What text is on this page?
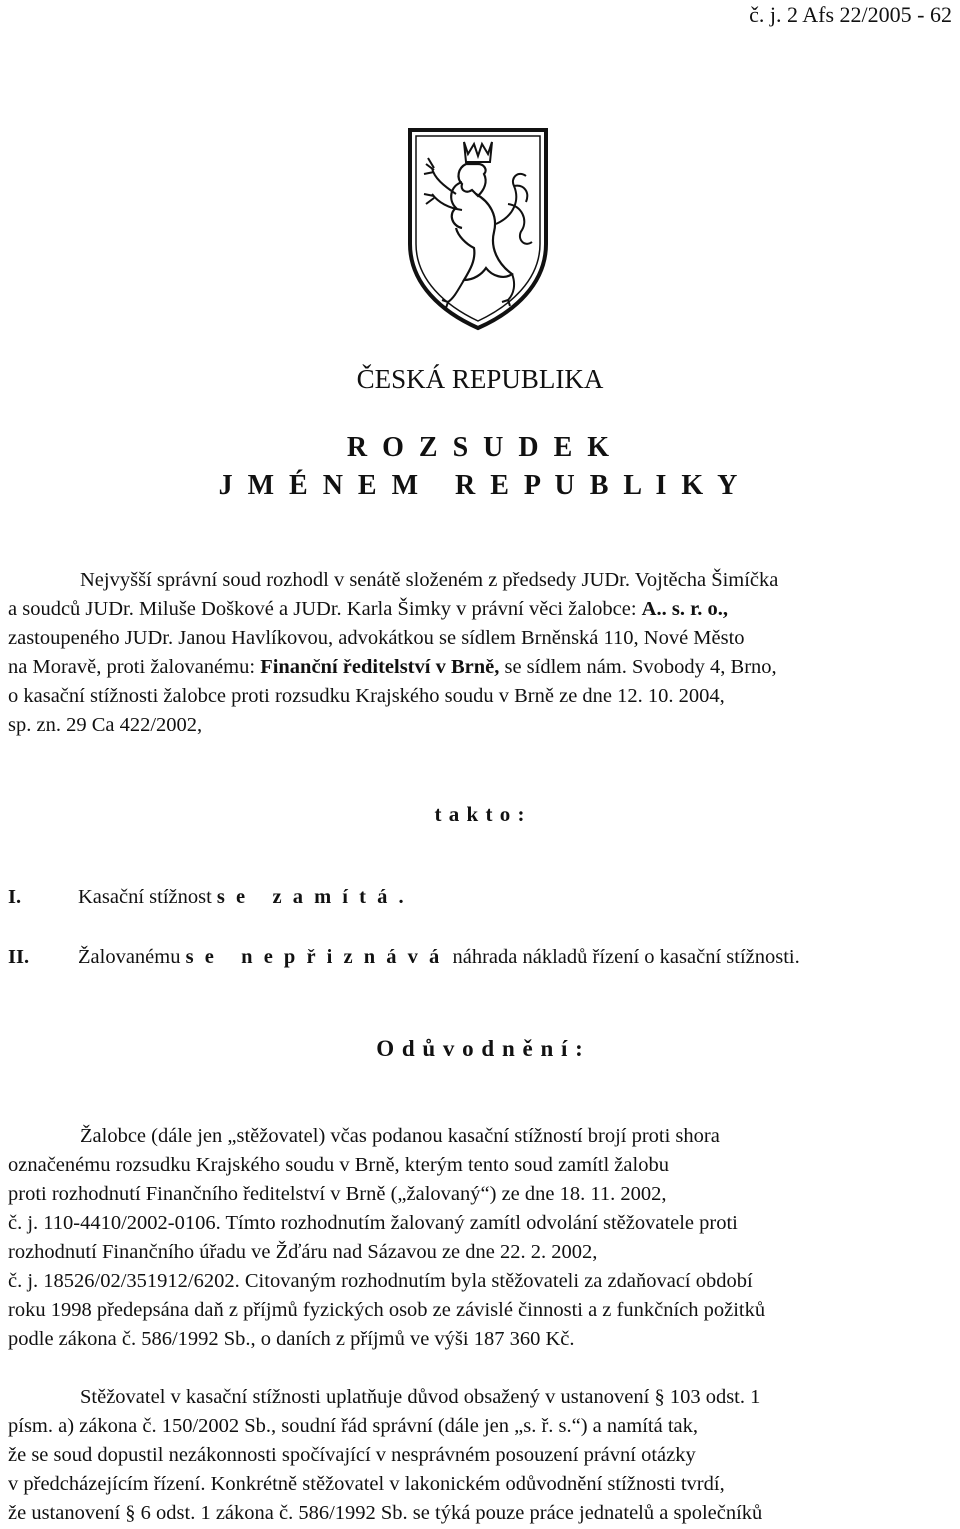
č. j. 2 Afs 22/2005 - 62
ČESKÁ REPUBLIKA
R O Z S U D E K
J M É N E M   R E P U B L I K Y

Nejvyšší správní soud rozhodl v senátě složeném z předsedy JUDr. Vojtěcha Šimíčka

a soudců JUDr. Miluše Doškové a JUDr. Karla Šimky v právní věci žalobce: A.. s. r. o.,

zastoupeného JUDr. Janou Havlíkovou, advokátkou se sídlem Brněnská 110, Nové Město

na Moravě, proti žalovanému: Finanční ředitelství v Brně, se sídlem nám. Svobody 4, Brno,

o kasační stížnosti žalobce proti rozsudku Krajského soudu v Brně ze dne 12. 10. 2004,

sp. zn. 29 Ca 422/2002,

t a k t o :
I.	Kasační stížnost s e   z a m í t á .
II. Žalovanému s e   n e p ř i z n á v á  náhrada nákladů řízení o kasační stížnosti.
O d ů v o d n ě n í :

Žalobce (dále jen „stěžovatel) včas podanou kasační stížností brojí proti shora

označenému rozsudku Krajského soudu v Brně, kterým tento soud zamítl žalobu

proti rozhodnutí Finančního ředitelství v Brně („žalovaný“) ze dne 18. 11. 2002,

č. j. 110-4410/2002-0106. Tímto rozhodnutím žalovaný zamítl odvolání stěžovatele proti

rozhodnutí Finančního úřadu ve Žďáru nad Sázavou ze dne 22. 2. 2002,

č. j. 18526/02/351912/6202. Citovaným rozhodnutím byla stěžovateli za zdaňovací období

roku 1998 předepsána daň z příjmů fyzických osob ze závislé činnosti a z funkčních požitků

podle zákona č. 586/1992 Sb., o daních z příjmů ve výši 187 360 Kč.

Stěžovatel v kasační stížnosti uplatňuje důvod obsažený v ustanovení § 103 odst. 1

písm. a) zákona č. 150/2002 Sb., soudní řád správní (dále jen „s. ř. s.“) a namítá tak,

že se soud dopustil nezákonnosti spočívající v nesprávném posouzení právní otázky

v předcházejícím řízení. Konkrétně stěžovatel v lakonickém odůvodnění stížnosti tvrdí,

že ustanovení § 6 odst. 1 zákona č. 586/1992 Sb. se týká pouze práce jednatelů a společníků
